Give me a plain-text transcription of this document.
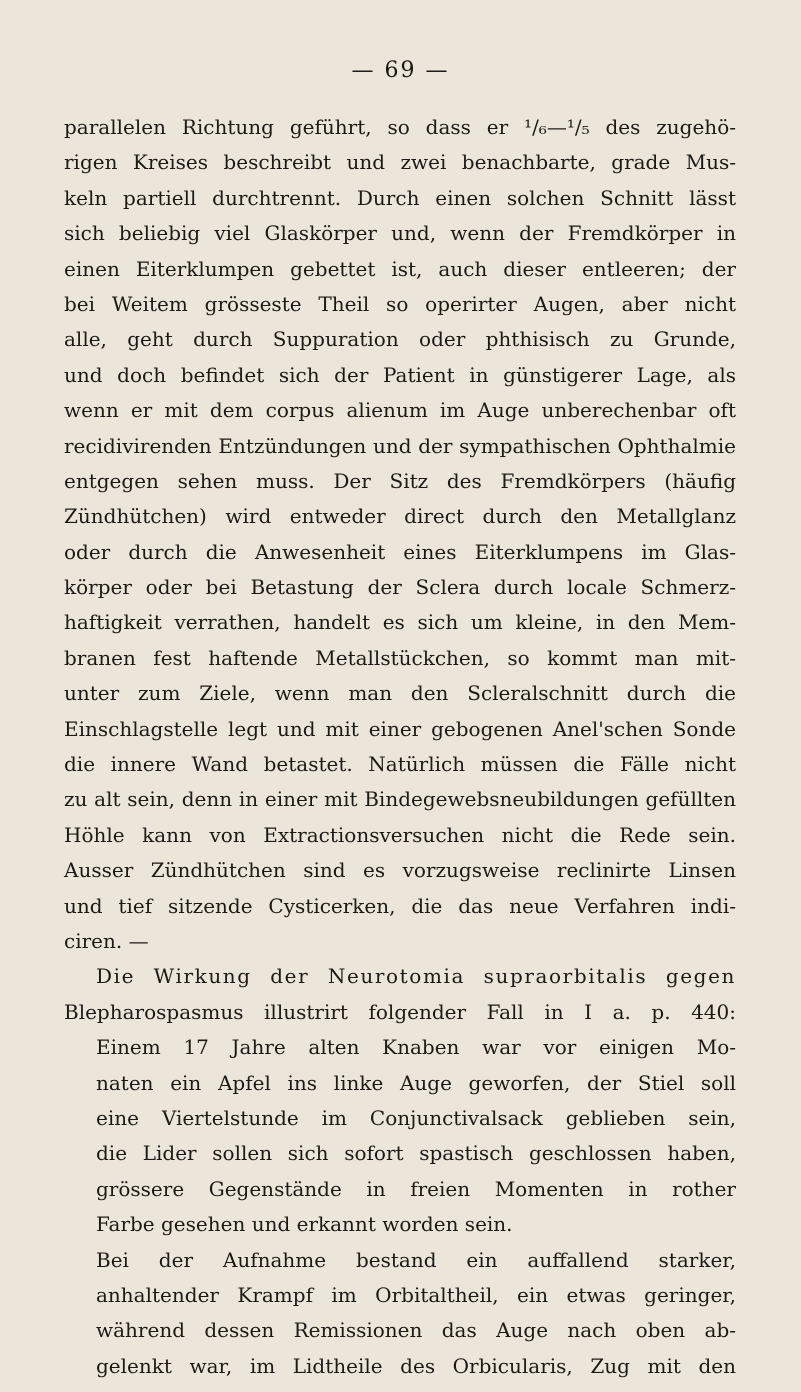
— 69 —
parallelen Richtung geführt, so dass er ¹/₆—¹/₅ des zugehö-
rigen Kreises beschreibt und zwei benachbarte, grade Mus-
keln partiell durchtrennt. Durch einen solchen Schnitt lässt
sich beliebig viel Glaskörper und, wenn der Fremdkörper in
einen Eiterklumpen gebettet ist, auch dieser entleeren; der
bei Weitem grösseste Theil so operirter Augen, aber nicht
alle, geht durch Suppuration oder phthisisch zu Grunde,
und doch befindet sich der Patient in günstigerer Lage, als
wenn er mit dem corpus alienum im Auge unberechenbar oft
recidivirenden Entzündungen und der sympathischen Ophthalmie
entgegen sehen muss. Der Sitz des Fremdkörpers (häufig
Zündhütchen) wird entweder direct durch den Metallglanz
oder durch die Anwesenheit eines Eiterklumpens im Glas-
körper oder bei Betastung der Sclera durch locale Schmerz-
haftigkeit verrathen, handelt es sich um kleine, in den Mem-
branen fest haftende Metallstückchen, so kommt man mit-
unter zum Ziele, wenn man den Scleralschnitt durch die
Einschlagstelle legt und mit einer gebogenen Anel'schen Sonde
die innere Wand betastet. Natürlich müssen die Fälle nicht
zu alt sein, denn in einer mit Bindegewebsneubildungen gefüllten
Höhle kann von Extractionsversuchen nicht die Rede sein.
Ausser Zündhütchen sind es vorzugsweise reclinirte Linsen
und tief sitzende Cysticerken, die das neue Verfahren indi-
ciren. —
Die Wirkung der Neurotomia supraorbitalis gegen
Blepharospasmus illustrirt folgender Fall in I a. p. 440:
Einem 17 Jahre alten Knaben war vor einigen Mo-
naten ein Apfel ins linke Auge geworfen, der Stiel soll
eine Viertelstunde im Conjunctivalsack geblieben sein,
die Lider sollen sich sofort spastisch geschlossen haben,
grössere Gegenstände in freien Momenten in rother
Farbe gesehen und erkannt worden sein.
Bei der Aufnahme bestand ein auffallend starker,
anhaltender Krampf im Orbitaltheil, ein etwas geringer,
während dessen Remissionen das Auge nach oben ab-
gelenkt war, im Lidtheile des Orbicularis, Zug mit den
